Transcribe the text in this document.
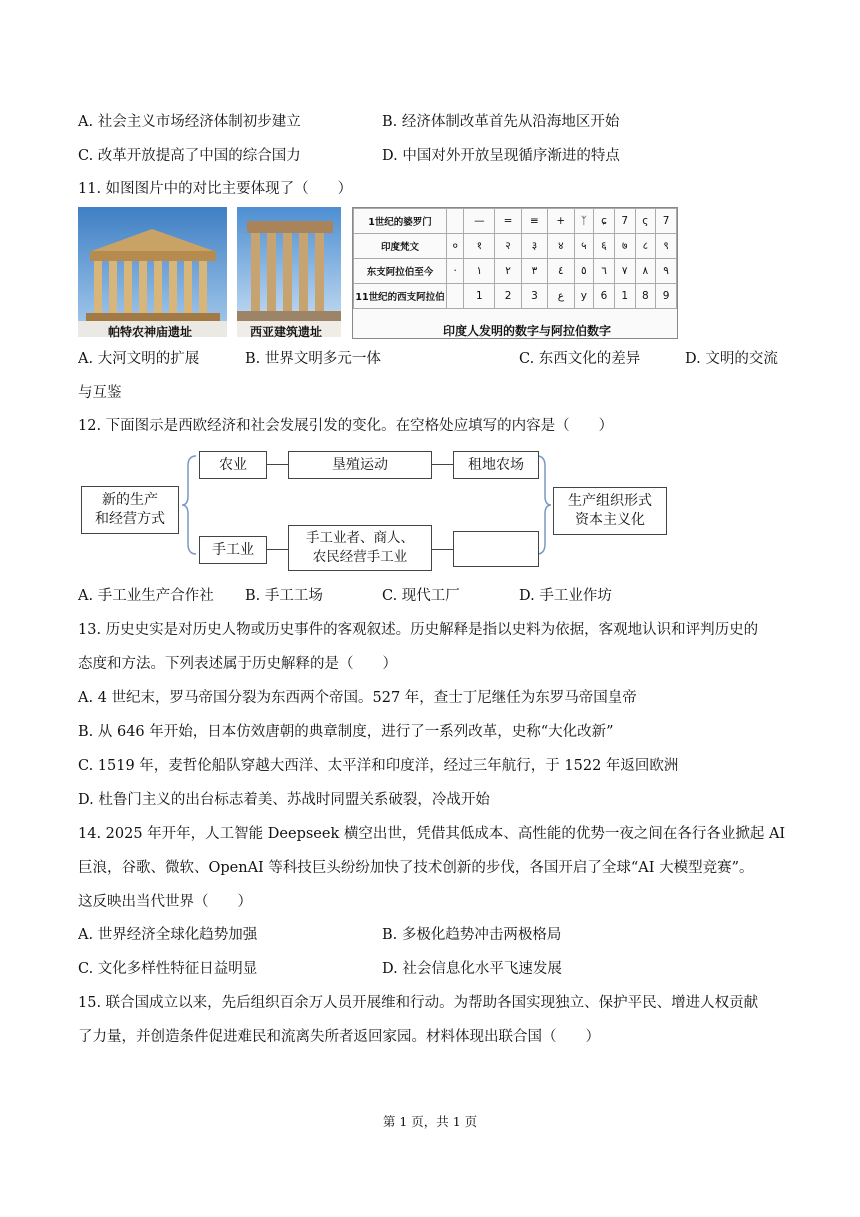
A. 社会主义市场经济体制初步建立	B. 经济体制改革首先从沿海地区开始
C. 改革开放提高了中国的综合国力	D. 中国对外开放呈现循序渐进的特点
11. 如图图片中的对比主要体现了（　　）
帕特农神庙遗址	西亚建筑遗址
1世纪的婆罗门		—	=	≡	+	ᛉ	ɕ	7	ς	7
印度梵文	०	१	२	३	४	५	६	७	८	९
东支阿拉伯至今	·	١	٢	٣	٤	٥	٦	٧	٨	٩
11世纪的西支阿拉伯		1	2	3	ع	y	6	1	8	9
印度人发明的数字与阿拉伯数字
A. 大河文明的扩展	B. 世界文明多元一体	C. 东西文化的差异	D. 文明的交流
与互鉴
12. 下面图示是西欧经济和社会发展引发的变化。在空格处应填写的内容是（　　）
新的生产
和经营方式
农业	垦殖运动	租地农场
手工业
手工业者、商人、
农民经营手工业
生产组织形式
资本主义化
A. 手工业生产合作社 B. 手工工场	C. 现代工厂	D. 手工业作坊
13. 历史史实是对历史人物或历史事件的客观叙述。历史解释是指以史料为依据，客观地认识和评判历史的
态度和方法。下列表述属于历史解释的是（　　）
A. 4 世纪末，罗马帝国分裂为东西两个帝国。527 年，查士丁尼继任为东罗马帝国皇帝
B. 从 646 年开始，日本仿效唐朝的典章制度，进行了一系列改革，史称“大化改新”
C. 1519 年，麦哲伦船队穿越大西洋、太平洋和印度洋，经过三年航行，于 1522 年返回欧洲
D. 杜鲁门主义的出台标志着美、苏战时同盟关系破裂，冷战开始
14. 2025 年开年，人工智能 Deepseek 横空出世，凭借其低成本、高性能的优势一夜之间在各行各业掀起 AI
巨浪，谷歌、微软、OpenAI 等科技巨头纷纷加快了技术创新的步伐，各国开启了全球“AI 大模型竞赛”。
这反映出当代世界（　　）
A. 世界经济全球化趋势加强	B. 多极化趋势冲击两极格局
C. 文化多样性特征日益明显	D. 社会信息化水平飞速发展
15. 联合国成立以来，先后组织百余万人员开展维和行动。为帮助各国实现独立、保护平民、增进人权贡献
了力量，并创造条件促进难民和流离失所者返回家园。材料体现出联合国（　　）
第 1 页，共 1 页
